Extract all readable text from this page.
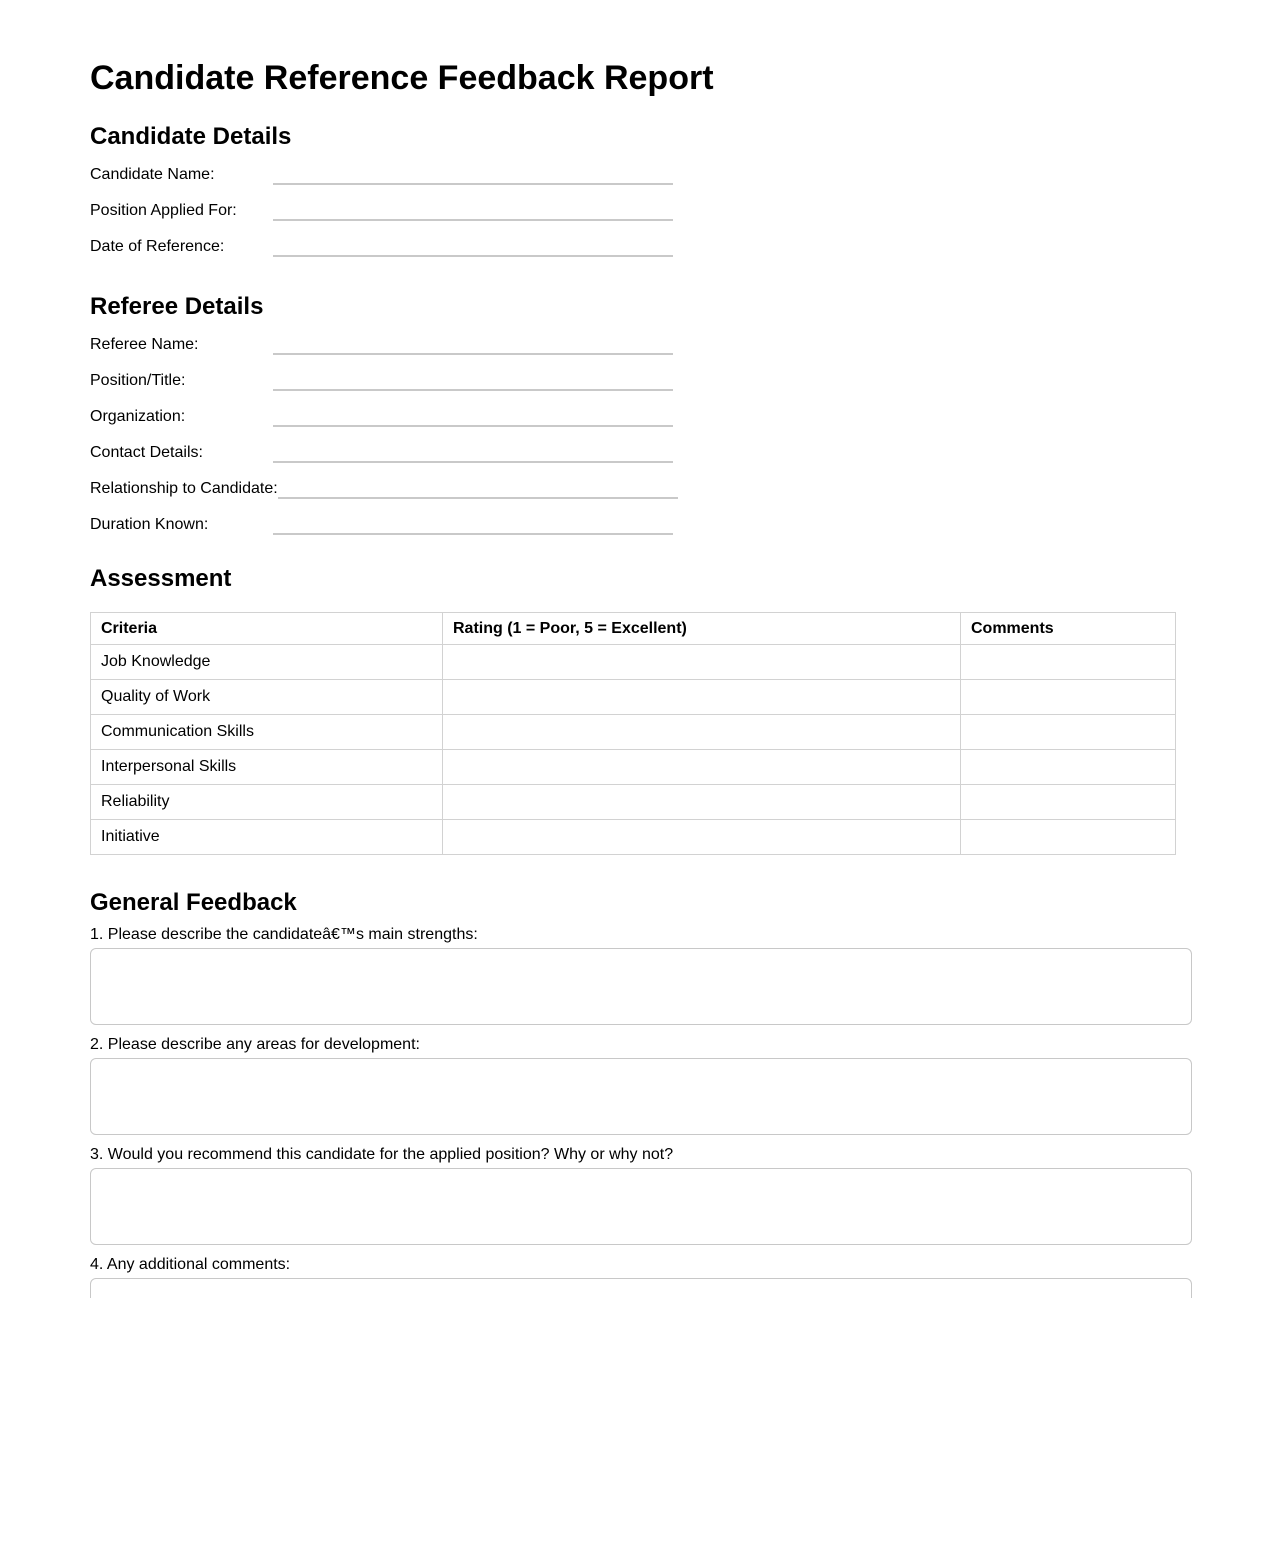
Candidate Reference Feedback Report
Candidate Details
Candidate Name:
Position Applied For:
Date of Reference:
Referee Details
Referee Name:
Position/Title:
Organization:
Contact Details:
Relationship to Candidate:
Duration Known:
Assessment
Criteria	Rating (1 = Poor, 5 = Excellent)	Comments
Job Knowledge		
Quality of Work		
Communication Skills		
Interpersonal Skills		
Reliability		
Initiative		
General Feedback
1. Please describe the candidateâ€™s main strengths:
2. Please describe any areas for development:
3. Would you recommend this candidate for the applied position? Why or why not?
4. Any additional comments:
